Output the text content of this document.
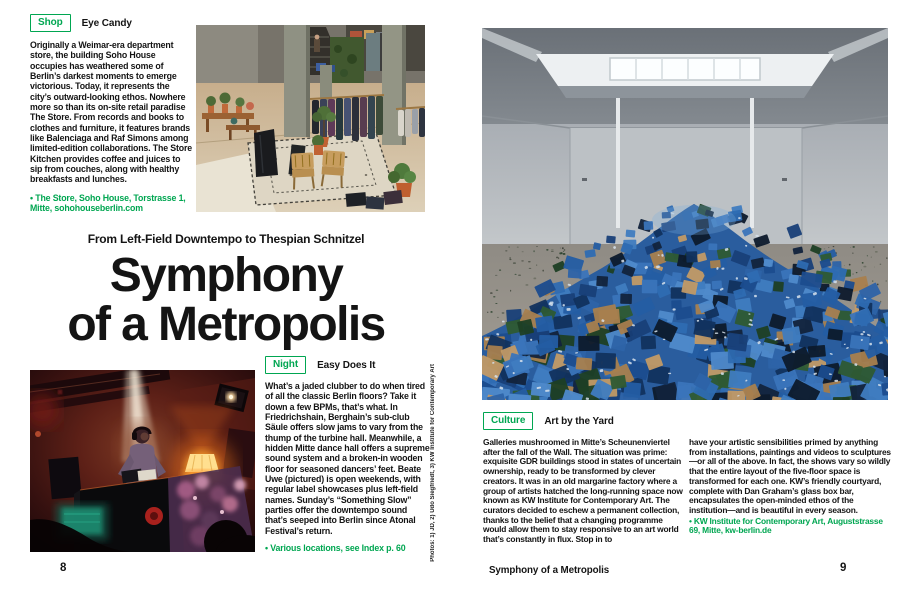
Shop	Eye Candy
Originally a Weimar-era department store, the building Soho House occupies has weathered some of Berlin’s darkest moments to emerge victorious. Today, it represents the city’s outward-looking ethos. Nowhere more so than its on-site retail paradise The Store. From records and books to clothes and furniture, it features brands like Balenciaga and Raf Simons among limited-edition collaborations. The Store Kitchen provides coffee and juices to sip from couches, along with healthy breakfasts and lunches.
• The Store, Soho House, Torstrasse 1, Mitte, sohohouseberlin.com
From Left-Field Downtempo to Thespian Schnitzel
Symphony
of a Metropolis
Night	Easy Does It
What’s a jaded clubber to do when tired of all the classic Berlin floors? Take it down a few BPMs, that’s what. In Friedrichshain, Berghain’s sub-club Säule offers slow jams to vary from the thump of the turbine hall. Meanwhile, a hidden Mitte dance hall offers a supreme sound system and a broken-in wooden floor for seasoned dancers’ feet. Beate Uwe (pictured) is open weekends, with regular label showcases plus left-field names. Sunday’s “Something Slow” parties offer the downtempo sound that’s seeped into Berlin since Atonal Festival’s return.
• Various locations, see Index p. 60	Photos: 1) JD, 2) Udo Siegfriedt, 3) KW Institute for Contemporary Art	Culture	Art by the Yard
Galleries mushroomed in Mitte’s Scheunenviertel after the fall of the Wall. The situation was prime: exquisite GDR buildings stood in states of uncertain ownership, ready to be transformed by clever creators. It was in an old margarine factory where a group of artists hatched the long-running space now known as KW Institute for Contemporary Art. The curators decided to eschew a permanent collection, thanks to the belief that a changing programme would allow them to stay responsive to an art world that’s constantly in flux. Stop in to
have your artistic sensibilities primed by anything from installations, paintings and videos to sculptures—or all of the above. In fact, the shows vary so wildly that the entire layout of the five-floor space is transformed for each one. KW’s friendly courtyard, complete with Dan Graham’s glass box bar, encapsulates the open-minded ethos of the institution—and is beautiful in every season.
• KW Institute for Contemporary Art, Auguststrasse 69, Mitte, kw-berlin.de
8	Symphony of a Metropolis	9
